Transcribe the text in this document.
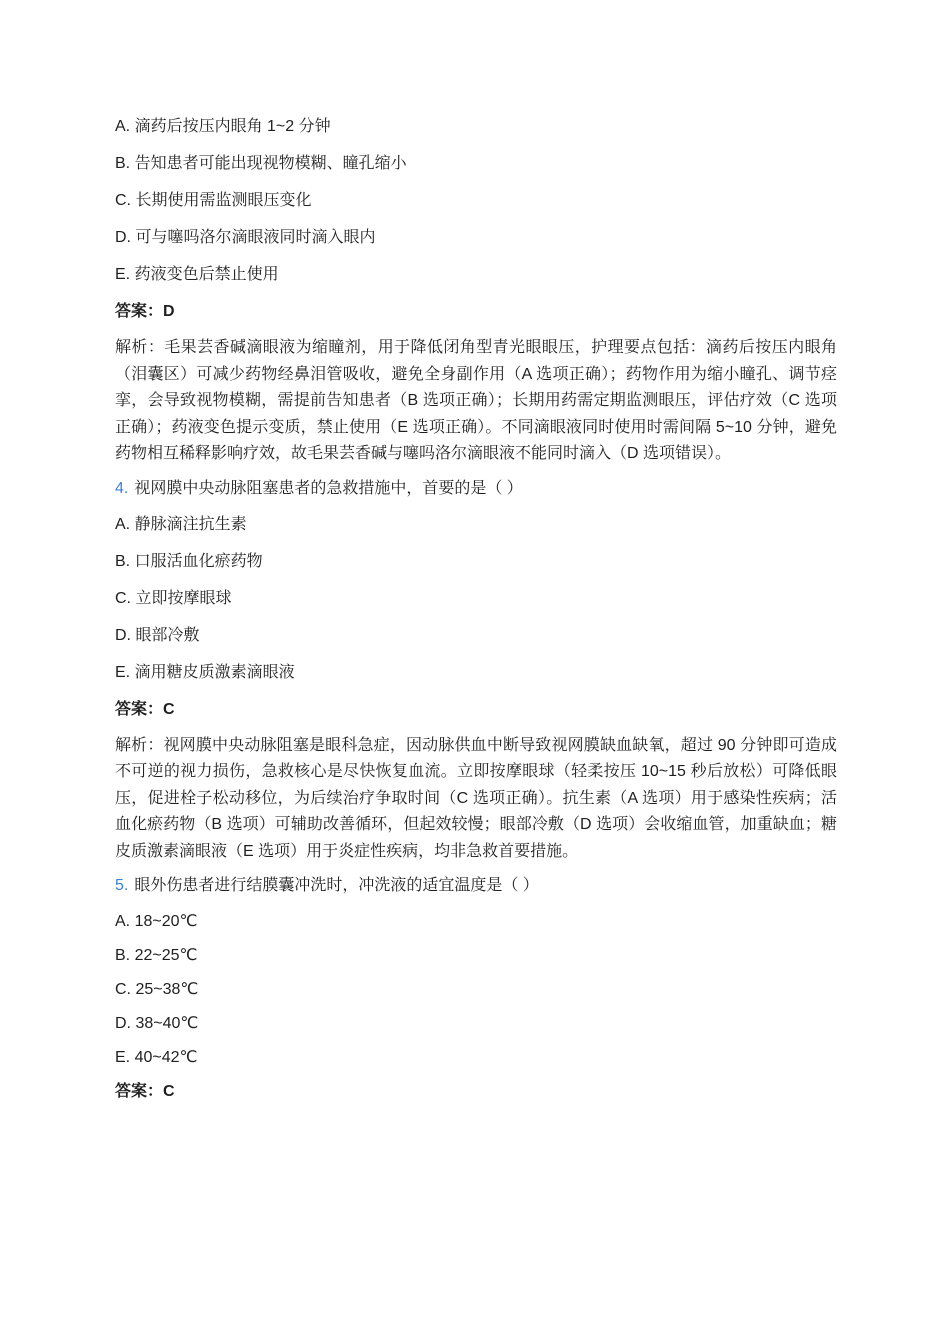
A. 滴药后按压内眼角 1~2 分钟
B. 告知患者可能出现视物模糊、瞳孔缩小
C. 长期使用需监测眼压变化
D. 可与噻吗洛尔滴眼液同时滴入眼内
E. 药液变色后禁止使用
答案：D
解析：毛果芸香碱滴眼液为缩瞳剂，用于降低闭角型青光眼眼压，护理要点包括：滴药后按压内眼角（泪囊区）可减少药物经鼻泪管吸收，避免全身副作用（A 选项正确）；药物作用为缩小瞳孔、调节痉挛，会导致视物模糊，需提前告知患者（B 选项正确）；长期用药需定期监测眼压，评估疗效（C 选项正确）；药液变色提示变质，禁止使用（E 选项正确）。不同滴眼液同时使用时需间隔 5~10 分钟，避免药物相互稀释影响疗效，故毛果芸香碱与噻吗洛尔滴眼液不能同时滴入（D 选项错误）。
4. 视网膜中央动脉阻塞患者的急救措施中，首要的是（ ）
A. 静脉滴注抗生素
B. 口服活血化瘀药物
C. 立即按摩眼球
D. 眼部冷敷
E. 滴用糖皮质激素滴眼液
答案：C
解析：视网膜中央动脉阻塞是眼科急症，因动脉供血中断导致视网膜缺血缺氧，超过 90 分钟即可造成不可逆的视力损伤，急救核心是尽快恢复血流。立即按摩眼球（轻柔按压 10~15 秒后放松）可降低眼压，促进栓子松动移位，为后续治疗争取时间（C 选项正确）。抗生素（A 选项）用于感染性疾病；活血化瘀药物（B 选项）可辅助改善循环，但起效较慢；眼部冷敷（D 选项）会收缩血管，加重缺血；糖皮质激素滴眼液（E 选项）用于炎症性疾病，均非急救首要措施。
5. 眼外伤患者进行结膜囊冲洗时，冲洗液的适宜温度是（ ）
A. 18~20℃
B. 22~25℃
C. 25~38℃
D. 38~40℃
E. 40~42℃
答案：C
